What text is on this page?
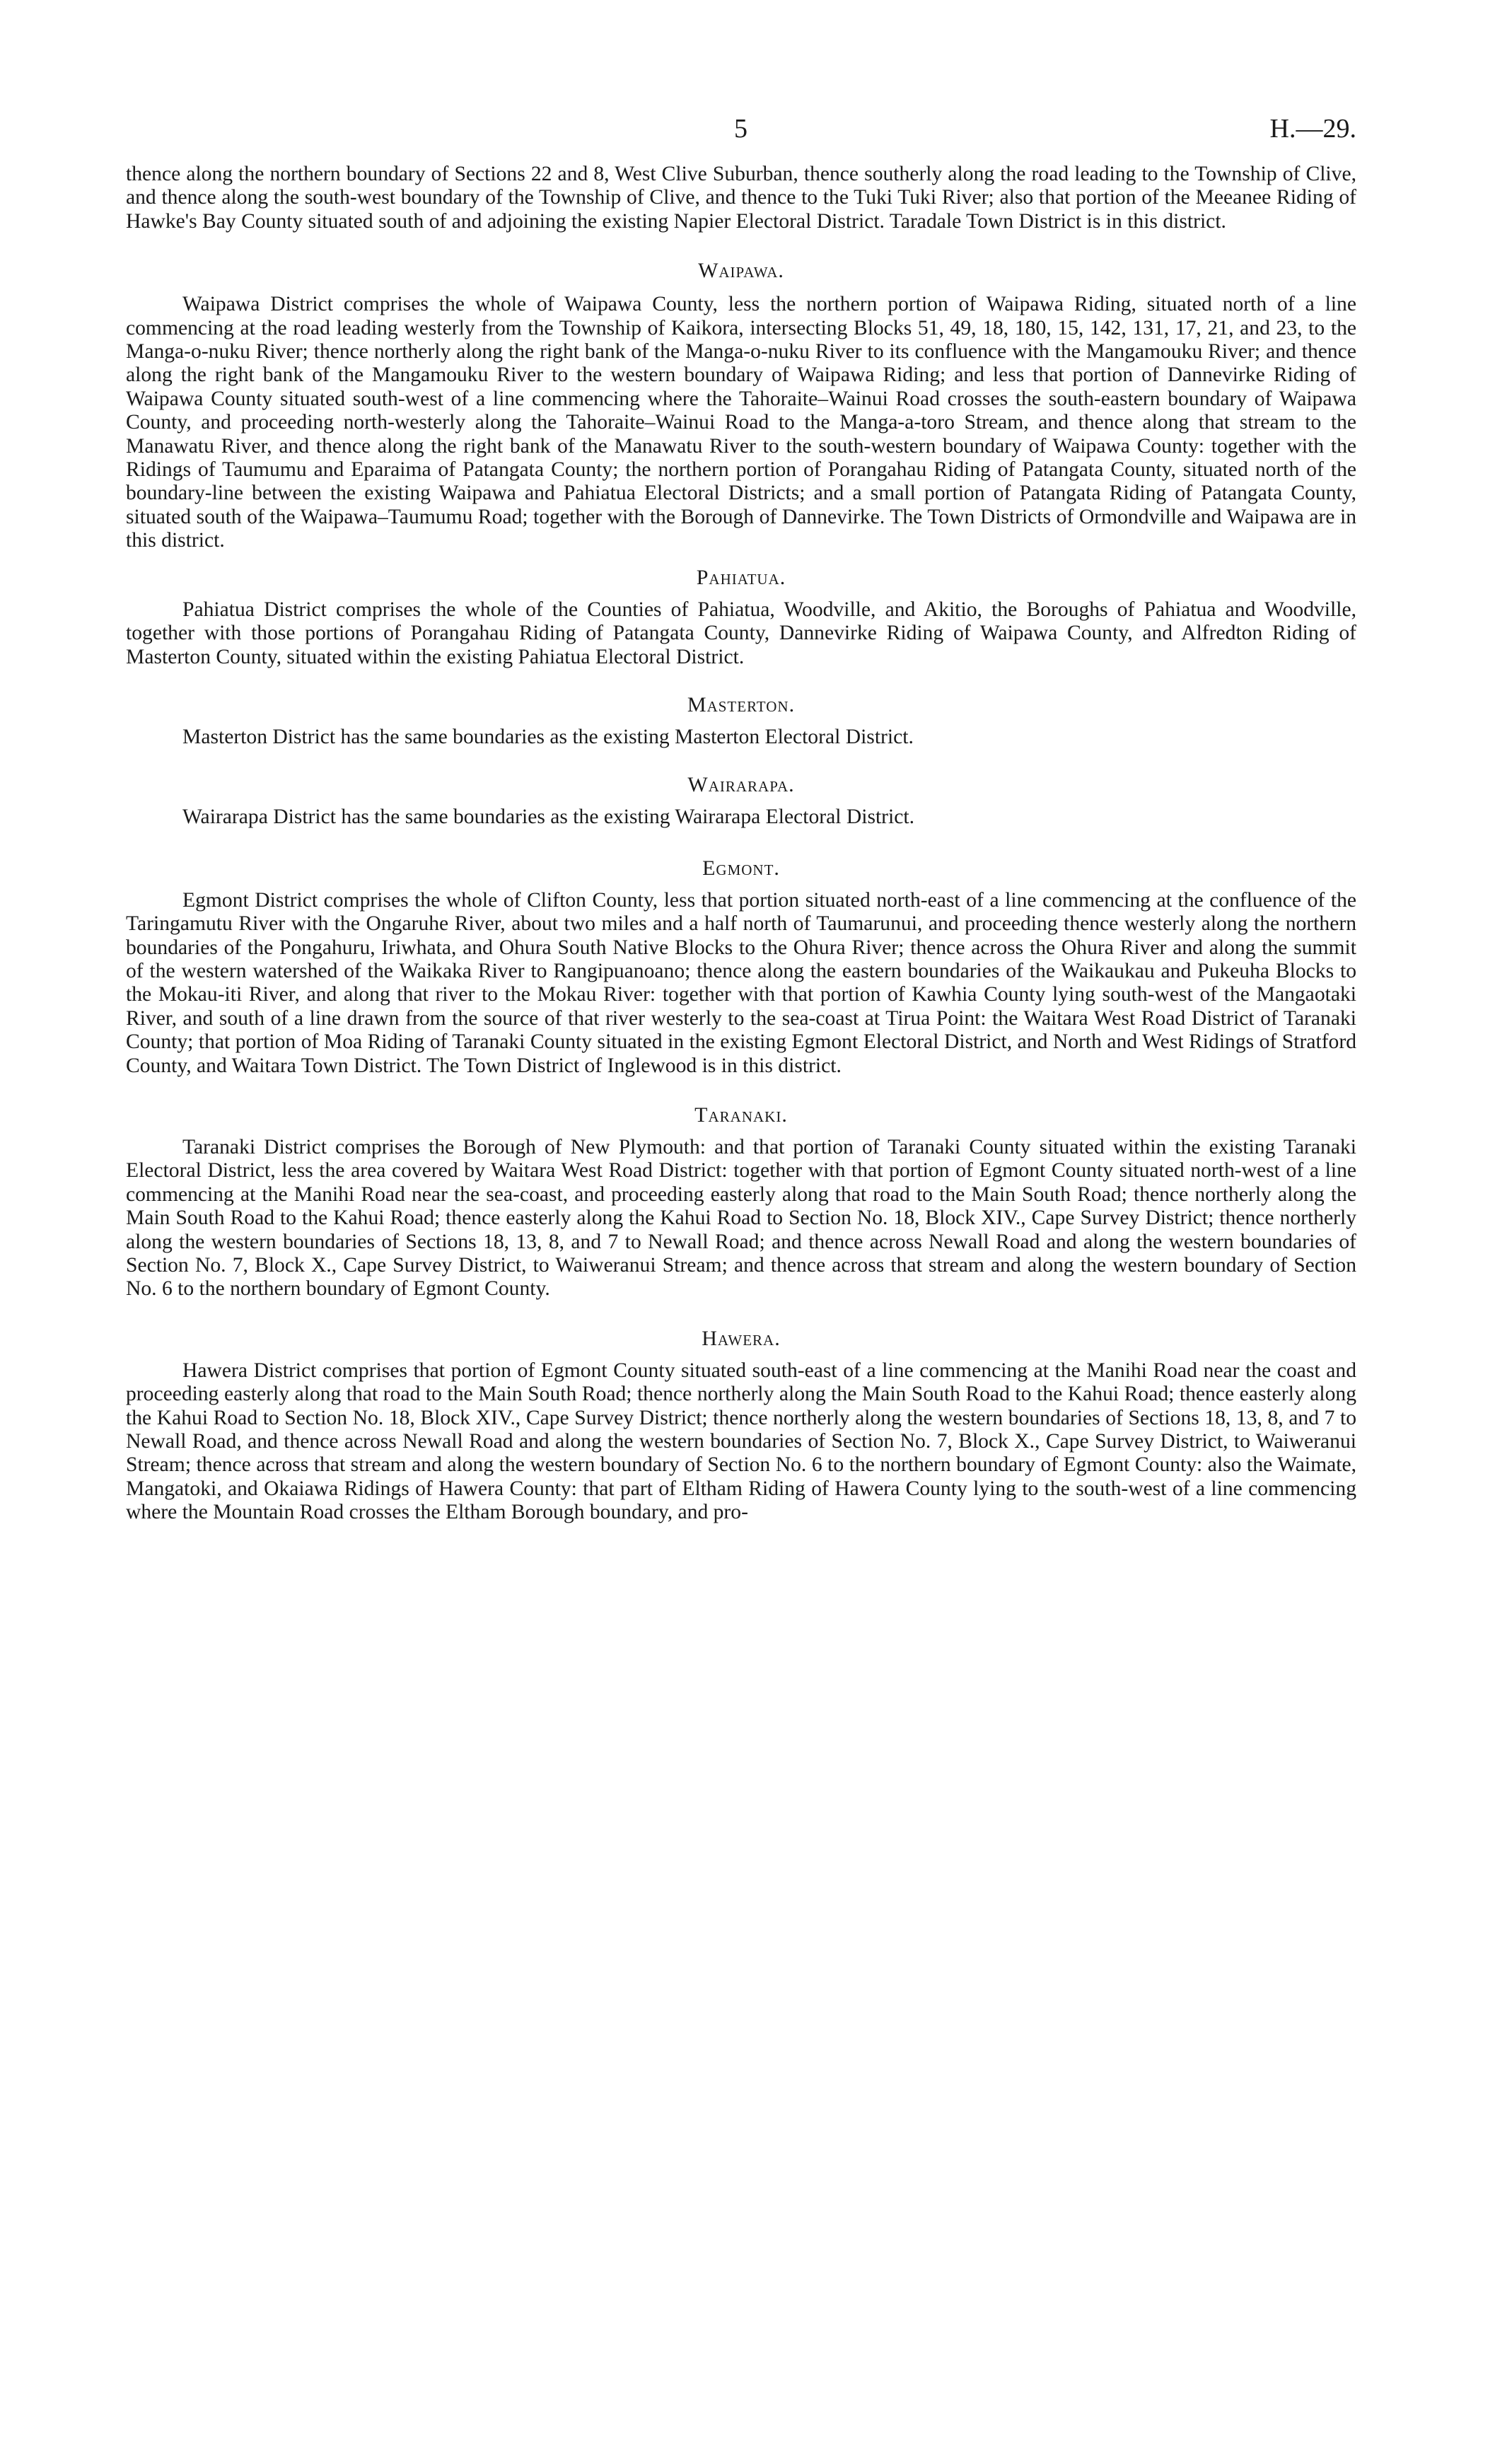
5	H.—29.

thence along the northern boundary of Sections 22 and 8, West Clive Suburban, thence southerly along the road leading to the Township of Clive, and thence along the south-west boundary of the Township of Clive, and thence to the Tuki Tuki River; also that portion of the Meeanee Riding of Hawke's Bay County situated south of and adjoining the existing Napier Electoral District. Taradale Town District is in this district.

Waipawa.

Waipawa District comprises the whole of Waipawa County, less the northern portion of Waipawa Riding, situated north of a line commencing at the road leading westerly from the Township of Kaikora, intersecting Blocks 51, 49, 18, 180, 15, 142, 131, 17, 21, and 23, to the Manga-o-nuku River; thence northerly along the right bank of the Manga-o-nuku River to its confluence with the Mangamouku River; and thence along the right bank of the Mangamouku River to the western boundary of Waipawa Riding; and less that portion of Dannevirke Riding of Waipawa County situated south-west of a line commencing where the Tahoraite–Wainui Road crosses the south-eastern boundary of Waipawa County, and proceeding north-westerly along the Tahoraite–Wainui Road to the Manga-a-toro Stream, and thence along that stream to the Manawatu River, and thence along the right bank of the Manawatu River to the south-western boundary of Waipawa County: together with the Ridings of Taumumu and Eparaima of Patangata County; the northern portion of Porangahau Riding of Patangata County, situated north of the boundary-line between the existing Waipawa and Pahiatua Electoral Districts; and a small portion of Patangata Riding of Patangata County, situated south of the Waipawa–Taumumu Road; together with the Borough of Dannevirke. The Town Districts of Ormondville and Waipawa are in this district.

Pahiatua.

Pahiatua District comprises the whole of the Counties of Pahiatua, Woodville, and Akitio, the Boroughs of Pahiatua and Woodville, together with those portions of Porangahau Riding of Patangata County, Dannevirke Riding of Waipawa County, and Alfredton Riding of Masterton County, situated within the existing Pahiatua Electoral District.

Masterton.

Masterton District has the same boundaries as the existing Masterton Electoral District.

Wairarapa.

Wairarapa District has the same boundaries as the existing Wairarapa Electoral District.

Egmont.

Egmont District comprises the whole of Clifton County, less that portion situated north-east of a line commencing at the confluence of the Taringamutu River with the Ongaruhe River, about two miles and a half north of Taumarunui, and proceeding thence westerly along the northern boundaries of the Pongahuru, Iriwhata, and Ohura South Native Blocks to the Ohura River; thence across the Ohura River and along the summit of the western watershed of the Waikaka River to Rangipuanoano; thence along the eastern boundaries of the Waikaukau and Pukeuha Blocks to the Mokau-iti River, and along that river to the Mokau River: together with that portion of Kawhia County lying south-west of the Mangaotaki River, and south of a line drawn from the source of that river westerly to the sea-coast at Tirua Point: the Waitara West Road District of Taranaki County; that portion of Moa Riding of Taranaki County situated in the existing Egmont Electoral District, and North and West Ridings of Stratford County, and Waitara Town District. The Town District of Inglewood is in this district.

Taranaki.

Taranaki District comprises the Borough of New Plymouth: and that portion of Taranaki County situated within the existing Taranaki Electoral District, less the area covered by Waitara West Road District: together with that portion of Egmont County situated north-west of a line commencing at the Manihi Road near the sea-coast, and proceeding easterly along that road to the Main South Road; thence northerly along the Main South Road to the Kahui Road; thence easterly along the Kahui Road to Section No. 18, Block XIV., Cape Survey District; thence northerly along the western boundaries of Sections 18, 13, 8, and 7 to Newall Road; and thence across Newall Road and along the western boundaries of Section No. 7, Block X., Cape Survey District, to Waiweranui Stream; and thence across that stream and along the western boundary of Section No. 6 to the northern boundary of Egmont County.

Hawera.

Hawera District comprises that portion of Egmont County situated south-east of a line commencing at the Manihi Road near the coast and proceeding easterly along that road to the Main South Road; thence northerly along the Main South Road to the Kahui Road; thence easterly along the Kahui Road to Section No. 18, Block XIV., Cape Survey District; thence northerly along the western boundaries of Sections 18, 13, 8, and 7 to Newall Road, and thence across Newall Road and along the western boundaries of Section No. 7, Block X., Cape Survey District, to Waiweranui Stream; thence across that stream and along the western boundary of Section No. 6 to the northern boundary of Egmont County: also the Waimate, Mangatoki, and Okaiawa Ridings of Hawera County: that part of Eltham Riding of Hawera County lying to the south-west of a line commencing where the Mountain Road crosses the Eltham Borough boundary, and pro-
